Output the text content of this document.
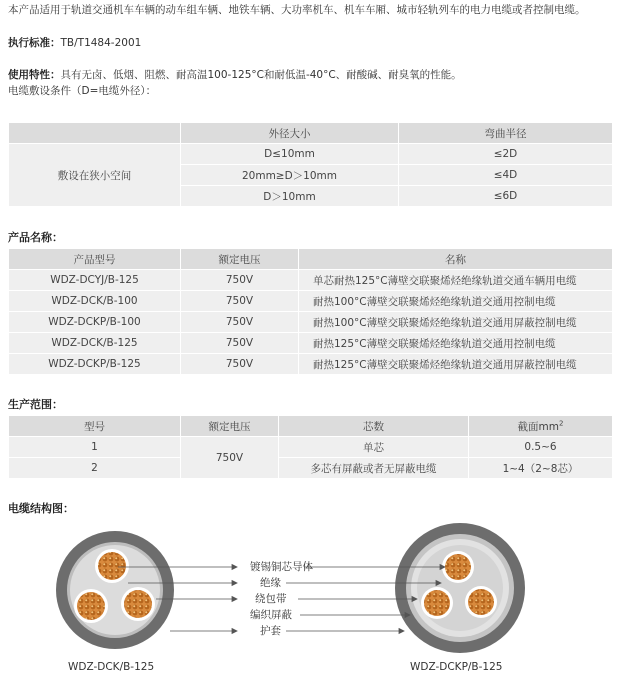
本产品适用于轨道交通机车车辆的动车组车辆、地铁车辆、大功率机车、机车车厢、城市轻轨列车的电力电缆或者控制电缆。
执行标准：TB/T1484-2001
使用特性：具有无卤、低烟、阻燃、耐高温100-125°C和耐低温-40°C、耐酸碱、耐臭氧的性能。
电缆敷设条件（D=电缆外径）：
	外径大小	弯曲半径
敷设在狭小空间	D≤10mm	≤2D
	20mm≥D＞10mm	≤4D
	D＞10mm	≤6D
产品名称：
产品型号	额定电压	名称
WDZ-DCYJ/B-125	750V	单芯耐热125°C薄壁交联聚烯烃绝缘轨道交通车辆用电缆
WDZ-DCK/B-100	750V	耐热100°C薄壁交联聚烯烃绝缘轨道交通用控制电缆
WDZ-DCKP/B-100	750V	耐热100°C薄壁交联聚烯烃绝缘轨道交通用屏蔽控制电缆
WDZ-DCK/B-125	750V	耐热125°C薄壁交联聚烯烃绝缘轨道交通用控制电缆
WDZ-DCKP/B-125	750V	耐热125°C薄壁交联聚烯烃绝缘轨道交通用屏蔽控制电缆
生产范围：
型号	额定电压	芯数	截面$mm^2$
1	750V	单芯	0.5~6
2		多芯有屏蔽或者无屏蔽电缆	1~4（2~8芯）
电缆结构图：
镀锡铜芯导体
绝缘
绕包带
编织屏蔽
护套
WDZ-DCK/B-125	WDZ-DCKP/B-125
